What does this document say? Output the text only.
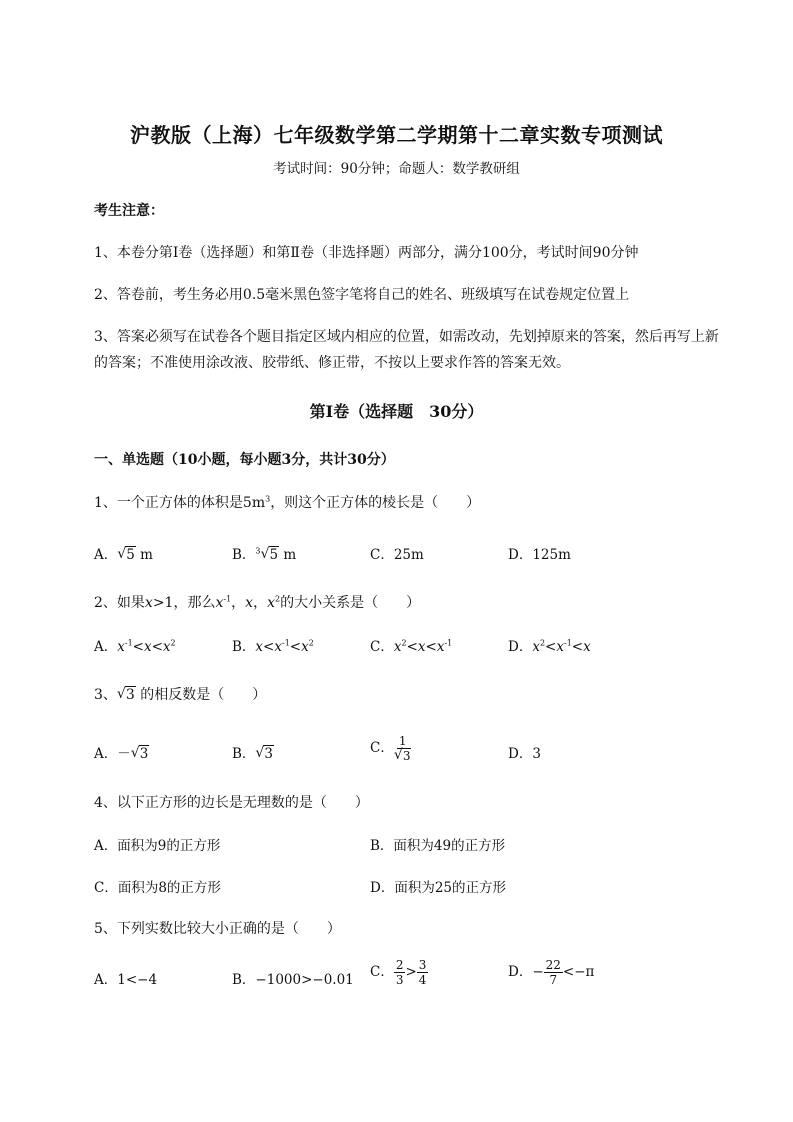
沪教版（上海）七年级数学第二学期第十二章实数专项测试
考试时间：90分钟；命题人：数学教研组
考生注意：
1、本卷分第I卷（选择题）和第Ⅱ卷（非选择题）两部分，满分100分，考试时间90分钟
2、答卷前，考生务必用0.5毫米黑色签字笔将自己的姓名、班级填写在试卷规定位置上
3、答案必须写在试卷各个题目指定区域内相应的位置，如需改动，先划掉原来的答案，然后再写上新
的答案；不准使用涂改液、胶带纸、修正带，不按以上要求作答的答案无效。
第I卷（选择题　30分）
一、单选题（10小题，每小题3分，共计30分）
1、一个正方体的体积是$5m^3$，则这个正方体的棱长是（　　）
A． √ 5 m	B．$^3$ √ 5 m	C．25m	D．125m
2、如果x>1，那么$x^{-1}$，x，$x^2$的大小关系是（　　）
A．$x^{-1}<x<x^2$	B．$x<x^{-1}<x^2$	C．$x^2<x<x^{-1}$	D．$x^2<x^{-1}<x$
3、 √ 3 的相反数是（　　）
A．－ √ 3	B． √ 3	C． 1
√ 3	D．3
4、以下正方形的边长是无理数的是（　　）
A．面积为9的正方形	B．面积为49的正方形
C．面积为8的正方形	D．面积为25的正方形
5、下列实数比较大小正确的是（　　）
A．1<−4	B．−1000>−0.01 C． $\frac{2}{3} > \frac{3}{4}$	D．− $\frac{22}{7} <-\pi$
